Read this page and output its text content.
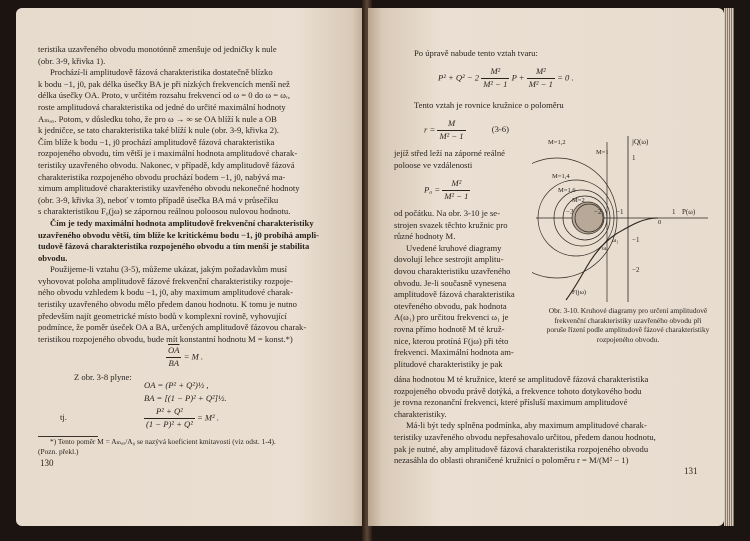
teristika uzavřeného obvodu monotónně zmenšuje od jedničky k nule

(obr. 3-9, křivka 1).

Prochází-li amplitudově fázová charakteristika dostatečně blízko

k bodu −1, j0, pak délka úsečky BA je při nízkých frekvencích menší než

délka úsečky OA. Proto, v určitém rozsahu frekvencí od ω = 0 do ω = ωᵣ,

roste amplitudová charakteristika od jedné do určité maximální hodnoty

Aₘₐₓ. Potom, v důsledku toho, že pro ω → ∞ se OA blíží k nule a OB

k jedničce, se tato charakteristika také blíží k nule (obr. 3-9, křivka 2).

Čím blíže k bodu −1, j0 prochází amplitudově fázová charakteristika

rozpojeného obvodu, tím větší je i maximální hodnota amplitudové charak-

teristiky uzavřeného obvodu. Nakonec, v případě, kdy amplitudově fázová

charakteristika rozpojeného obvodu prochází bodem −1, j0, nabývá ma-

ximum amplitudové charakteristiky uzavřeného obvodu nekonečné hodnoty

(obr. 3-9, křivka 3), neboť v tomto případě úsečka BA má v průsečíku

s charakteristikou F₀(jω) se zápornou reálnou poloosou nulovou hodnotu.

Čím je tedy maximální hodnota amplitudově frekvenční charakteristiky

uzavřeného obvodu větší, tím blíže ke kritickému bodu −1, j0 probíhá ampli-

tudově fázová charakteristika rozpojeného obvodu a tím menší je stabilita

obvodu.

Použijeme-li vztahu (3-5), můžeme ukázat, jakým požadavkům musí

vyhovovat poloha amplitudově fázové frekvenční charakteristiky rozpoje-

ného obvodu vzhledem k bodu −1, j0, aby maximum amplitudové charak-

teristiky uzavřeného obvodu mělo předem danou hodnotu. K tomu je nutno

především najít geometrické místo bodů v komplexní rovině, vyhovující

podmínce, že poměr úseček OA a BA, určených amplitudově fázovou charak-

teristikou rozpojeného obvodu, bude mít konstantní hodnotu M = konst.*)

$\frac{\overline{OA}}{BA} = M$ .
Z obr. 3-8 plyne:
OA = (P² + Q²)½ ,
BA = [(1 − P)² + Q²]½.
tj.	$\frac{\text{P² + Q²}}{\text{(1 − P)² + Q²}} = M^2$ .

*) Tento poměr M = Aₘₐₓ/A₀ se nazývá koeficient kmitavosti (viz odst. 1-4).

(Pozn. překl.)

130
Po úpravě nabude tento vztah tvaru:
$P^2 + Q^2 - 2 \frac{\text{M²}}{\text{M² − 1}}$ $P + \frac{\text{M²}}{\text{M² − 1}} = 0$ .
Tento vztah je rovnice kružnice o poloměru
$r = \frac{M}{\text{M² − 1}}$	(3-6)

jejíž střed leží na záporné reálné

poloose ve vzdálenosti

$P_0 = \frac{\text{M²}}{\text{M² − 1}}$

od počátku. Na obr. 3-10 je se-

strojen svazek těchto kružnic pro

různé hodnoty M.

Uvedené kruhové diagramy

dovolují lehce sestrojit amplitu-

dovou charakteristiku uzavřeného

obvodu. Je-li současně vynesena

amplitudově fázová charakteristika

otevřeného obvodu, pak hodnota

A(ω₁) pro určitou frekvenci ω₁ je

rovna přímo hodnotě M té kruž-

nice, kterou protíná F(jω) při této

frekvenci. Maximální hodnota am-

plitudové charakteristiky je pak

−3	−2 −1	1
1
−1
−2
jQ(ω)
P(ω)
M=1,2
M=1,4
M=1,6
M=2
M=1
0
ω₁
ωᵣ
F(jω)
Obr. 3-10. Kruhové diagramy pro určení amplitudově frekvenční charakteristiky uzavřeného obvodu při poruše řízení podle amplitudově fázové charakteristiky rozpojeného obvodu.

dána hodnotou M té kružnice, které se amplitudově fázová charakteristika

rozpojeného obvodu právě dotýká, a frekvence tohoto dotykového bodu

je rovna rezonanční frekvenci, které přísluší maximum amplitudové

charakteristiky.

Má-li být tedy splněna podmínka, aby maximum amplitudové charak-

teristiky uzavřeného obvodu nepřesahovalo určitou, předem danou hodnotu,

pak je nutné, aby amplitudově fázová charakteristika rozpojeného obvodu

nezasáhla do oblasti ohraničené kružnicí o poloměru r = M/(M² − 1)

131
